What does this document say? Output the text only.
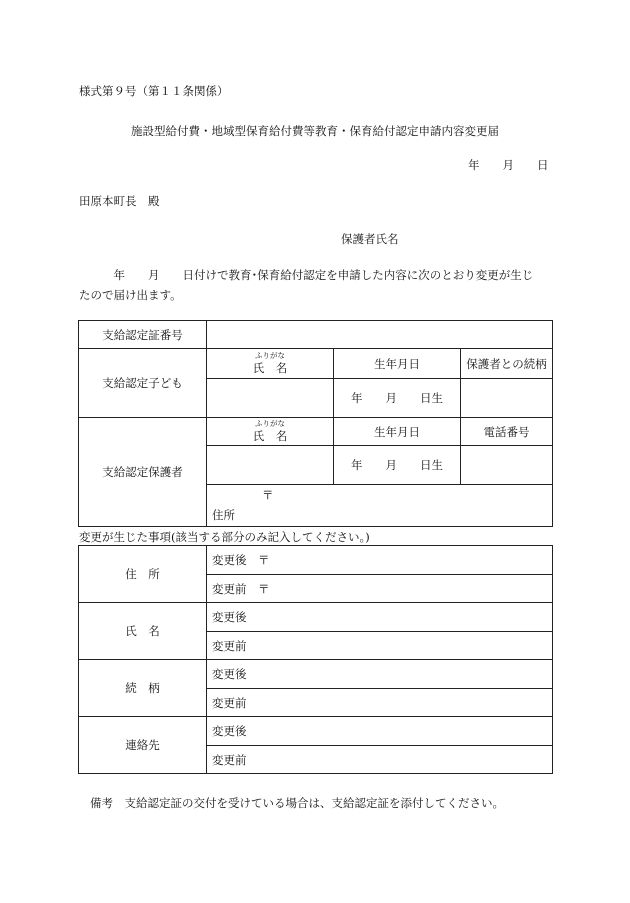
様式第９号（第１１条関係）
施設型給付費・地域型保育給付費等教育・保育給付認定申請内容変更届
年　　月　　日
田原本町長　殿
保護者氏名
　　　年　　月　　日付けで教育･保育給付認定を申請した内容に次のとおり変更が生じ
たので届け出ます。
支給認定証番号			
支給認定子ども	ふりがな
氏　名	生年月日	保護者との続柄
		年　　月　　日生	
支給認定保護者	ふりがな
氏　名	生年月日	電話番号
		年　　月　　日生	

	〒
住所		
変更が生じた事項(該当する部分のみ記入してください。)
住　所	変更後　〒
	変更前　〒
氏　名	変更後
	変更前
続　柄	変更後
	変更前
連絡先	変更後
	変更前
備考　支給認定証の交付を受けている場合は、支給認定証を添付してください。
